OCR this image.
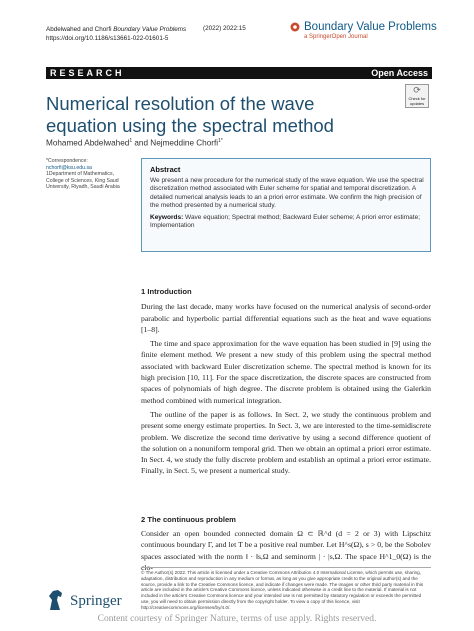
Abdelwahed and Chorfi Boundary Value Problems
https://doi.org/10.1186/s13661-022-01601-5
(2022) 2022:15	Boundary Value Problems
a SpringerOpen Journal
RESEARCH	Open Access
Numerical resolution of the wave equation using the spectral method
⟳
Check for updates
Mohamed Abdelwahed$^1$ and Nejmeddine Chorfi$^{1*}$
*Correspondence:
nchorfi@ksu.edu.sa
1Department of Mathematics, College of Sciences, King Saud University, Riyadh, Saudi Arabia
Abstract
We present a new procedure for the numerical study of the wave equation. We use the spectral discretization method associated with Euler scheme for spatial and temporal discretization. A detailed numerical analysis leads to an a priori error estimate. We confirm the high precision of the method presented by a numerical study.
Keywords: Wave equation; Spectral method; Backward Euler scheme; A priori error estimate; Implementation
1 Introduction

During the last decade, many works have focused on the numerical analysis of second-order parabolic and hyperbolic partial differential equations such as the heat and wave equations [1–8].

The time and space approximation for the wave equation has been studied in [9] using the finite element method. We present a new study of this problem using the spectral method associated with backward Euler discretization scheme. The spectral method is known for its high precision [10, 11]. For the space discretization, the discrete spaces are constructed from spaces of polynomials of high degree. The discrete problem is obtained using the Galerkin method combined with numerical integration.

The outline of the paper is as follows. In Sect. 2, we study the continuous problem and present some energy estimate properties. In Sect. 3, we are interested to the time-semidiscrete problem. We discretize the second time derivative by using a second difference quotient of the solution on a nonuniform temporal grid. Then we obtain an optimal a priori error estimate. In Sect. 4, we study the fully discrete problem and establish an optimal a priori error estimate. Finally, in Sect. 5, we present a numerical study.

2 The continuous problem
Consider an open bounded connected domain Ω ⊂ ℝ^d (d = 2 or 3) with Lipschitz continuous boundary Γ, and let T be a positive real number. Let H^s(Ω), s > 0, be the Sobolev spaces associated with the norm ‖ · ‖s,Ω and seminorm | · |s,Ω. The space H^1_0(Ω) is the clo-
© The Author(s) 2022. This article is licensed under a Creative Commons Attribution 4.0 International License, which permits use, sharing, adaptation, distribution and reproduction in any medium or format, as long as you give appropriate credit to the original author(s) and the source, provide a link to the Creative Commons licence, and indicate if changes were made. The images or other third party material in this article are included in the article's Creative Commons licence, unless indicated otherwise in a credit line to the material. If material is not included in the article's Creative Commons licence and your intended use is not permitted by statutory regulation or exceeds the permitted use, you will need to obtain permission directly from the copyright holder. To view a copy of this licence, visit http://creativecommons.org/licenses/by/4.0/.
Springer
Content courtesy of Springer Nature, terms of use apply. Rights reserved.
